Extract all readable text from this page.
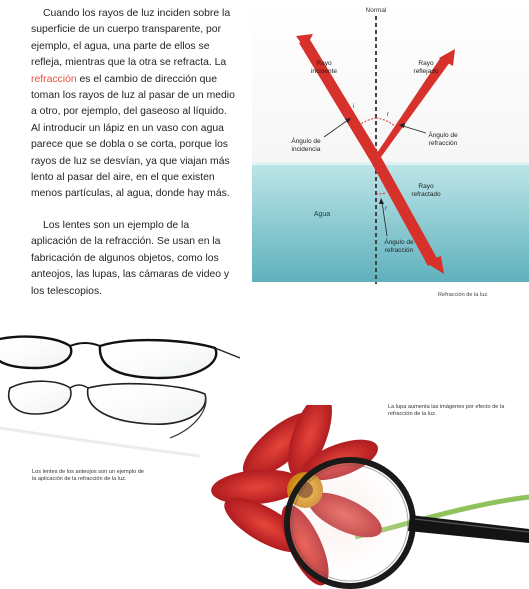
Cuando los rayos de luz inciden sobre la superficie de un cuerpo transparente, por ejemplo, el agua, una parte de ellos se refleja, mientras que la otra se refracta. La refracción es el cambio de dirección que toman los rayos de luz al pasar de un medio a otro, por ejemplo, del gaseoso al líquido. Al introducir un lápiz en un vaso con agua parece que se dobla o se corta, porque los rayos de luz se desvían, ya que viajan más lento al pasar del aire, en el que existen menos partículas, al agua, donde hay más.

Los lentes son un ejemplo de la aplicación de la refracción. Se usan en la fabricación de algunos objetos, como los anteojos, las lupas, las cámaras de video y los telescopios.

Normal
i
r
r
Rayo
incidente
Rayo
reflejado
Ángulo de
incidencia
Ángulo de
refracción
Rayo
refractado
Agua
Ángulo de
refracción
Refracción de la luz.
Los lentes de los anteojos son un ejemplo de la aplicación de la refracción de la luz.
La lupa aumenta las imágenes por efecto de la refracción de la luz.
